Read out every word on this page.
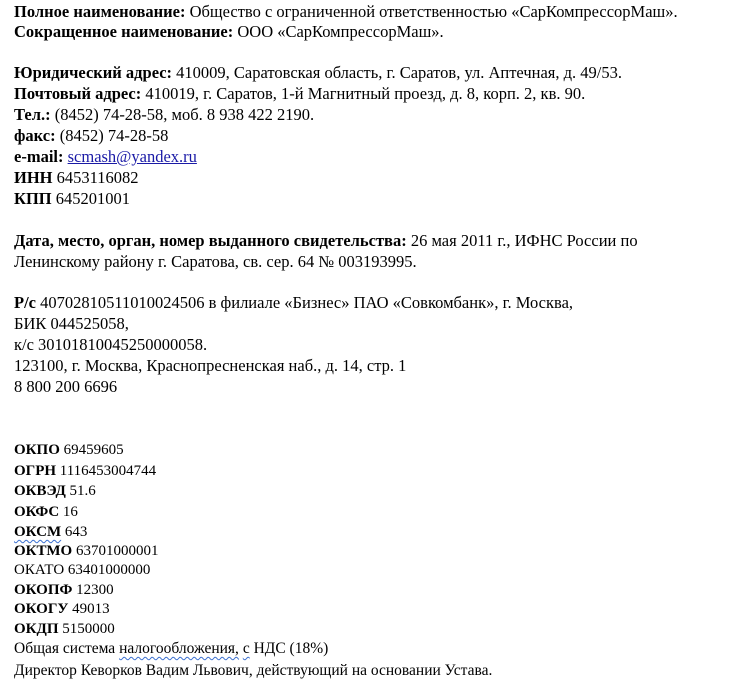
Полное наименование: Общество с ограниченной ответственностью «СарКомпрессорМаш».
Сокращенное наименование: ООО «СарКомпрессорМаш».
Юридический адрес: 410009, Саратовская область, г. Саратов, ул. Аптечная, д. 49/53.
Почтовый адрес: 410019, г. Саратов, 1-й Магнитный проезд, д. 8, корп. 2, кв. 90.
Тел.: (8452) 74-28-58, моб. 8 938 422 2190.
факс: (8452) 74-28-58
e-mail: scmash@yandex.ru
ИНН 6453116082
КПП 645201001
Дата, место, орган, номер выданного свидетельства: 26 мая 2011 г., ИФНС России по
Ленинскому району г. Саратова, св. сер. 64 № 003193995.
Р/с 40702810511010024506 в филиале «Бизнес» ПАО «Совкомбанк», г. Москва,
БИК 044525058,
к/с 30101810045250000058.
123100, г. Москва, Краснопресненская наб., д. 14, стр. 1
8 800 200 6696
ОКПО 69459605
ОГРН 1116453004744
ОКВЭД 51.6
ОКФС 16
ОКСМ 643
ОКТМО 63701000001
ОКАТО 63401000000
ОКОПФ 12300
ОКОГУ 49013
ОКДП 5150000
Общая система налогообложения, с НДС (18%)
Директор Кеворков Вадим Львович, действующий на основании Устава.
